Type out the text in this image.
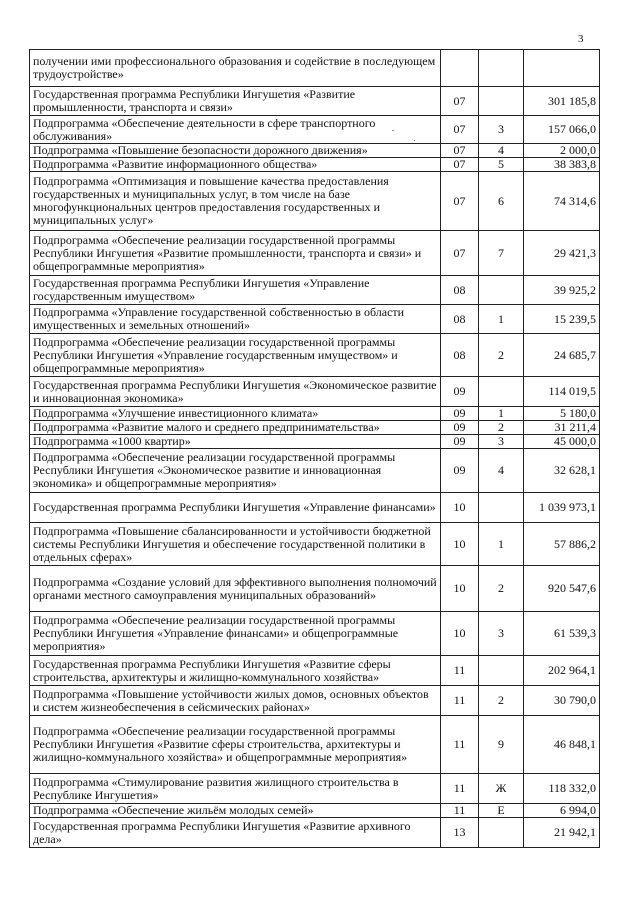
3
получении ими профессионального образования и содействие в последующем трудоустройстве»			
Государственная программа Республики Ингушетия «Развитие промышленности, транспорта и связи»	07		301 185,8
Подпрограмма «Обеспечение деятельности в сфере транспортного обслуживания»	07	3	157 066,0
Подпрограмма «Повышение безопасности дорожного движения»	07	4	2 000,0
Подпрограмма «Развитие информационного общества»	07	5	38 383,8
Подпрограмма «Оптимизация и повышение качества предоставления государственных и муниципальных услуг, в том числе на базе многофункциональных центров предоставления государственных и муниципальных услуг»	07	6	74 314,6
Подпрограмма «Обеспечение реализации государственной программы Республики Ингушетия «Развитие промышленности, транспорта и связи» и общепрограммные мероприятия»	07	7	29 421,3
Государственная программа Республики Ингушетия «Управление государственным имуществом»	08		39 925,2
Подпрограмма «Управление государственной собственностью в области имущественных и земельных отношений»	08	1	15 239,5
Подпрограмма «Обеспечение реализации государственной программы Республики Ингушетия «Управление государственным имуществом» и общепрограммные мероприятия»	08	2	24 685,7
Государственная программа Республики Ингушетия «Экономическое развитие и инновационная экономика»	09		114 019,5
Подпрограмма «Улучшение инвестиционного климата»	09	1	5 180,0
Подпрограмма «Развитие малого и среднего предпринимательства»	09	2	31 211,4
Подпрограмма «1000 квартир»	09	3	45 000,0
Подпрограмма «Обеспечение реализации государственной программы Республики Ингушетия «Экономическое развитие и инновационная экономика» и общепрограммные мероприятия»	09	4	32 628,1
Государственная программа Республики Ингушетия «Управление финансами»	10		1 039 973,1
Подпрограмма «Повышение сбалансированности и устойчивости бюджетной системы Республики Ингушетия и обеспечение государственной политики в отдельных сферах»	10	1	57 886,2
Подпрограмма «Создание условий для эффективного выполнения полномочий органами местного самоуправления муниципальных образований»	10	2	920 547,6
Подпрограмма «Обеспечение реализации государственной программы Республики Ингушетия «Управление финансами» и общепрограммные мероприятия»	10	3	61 539,3
Государственная программа Республики Ингушетия «Развитие сферы строительства, архитектуры и жилищно-коммунального хозяйства»	11		202 964,1
Подпрограмма «Повышение устойчивости жилых домов, основных объектов и систем жизнеобеспечения в сейсмических районах»	11	2	30 790,0
Подпрограмма «Обеспечение реализации государственной программы Республики Ингушетия «Развитие сферы строительства, архитектуры и жилищно-коммунального хозяйства» и общепрограммные мероприятия»	11	9	46 848,1
Подпрограмма «Стимулирование развития жилищного строительства в Республике Ингушетия»	11	Ж	118 332,0
Подпрограмма «Обеспечение жильём молодых семей»	11	Е	6 994,0
Государственная программа Республики Ингушетия «Развитие архивного дела»	13		21 942,1
